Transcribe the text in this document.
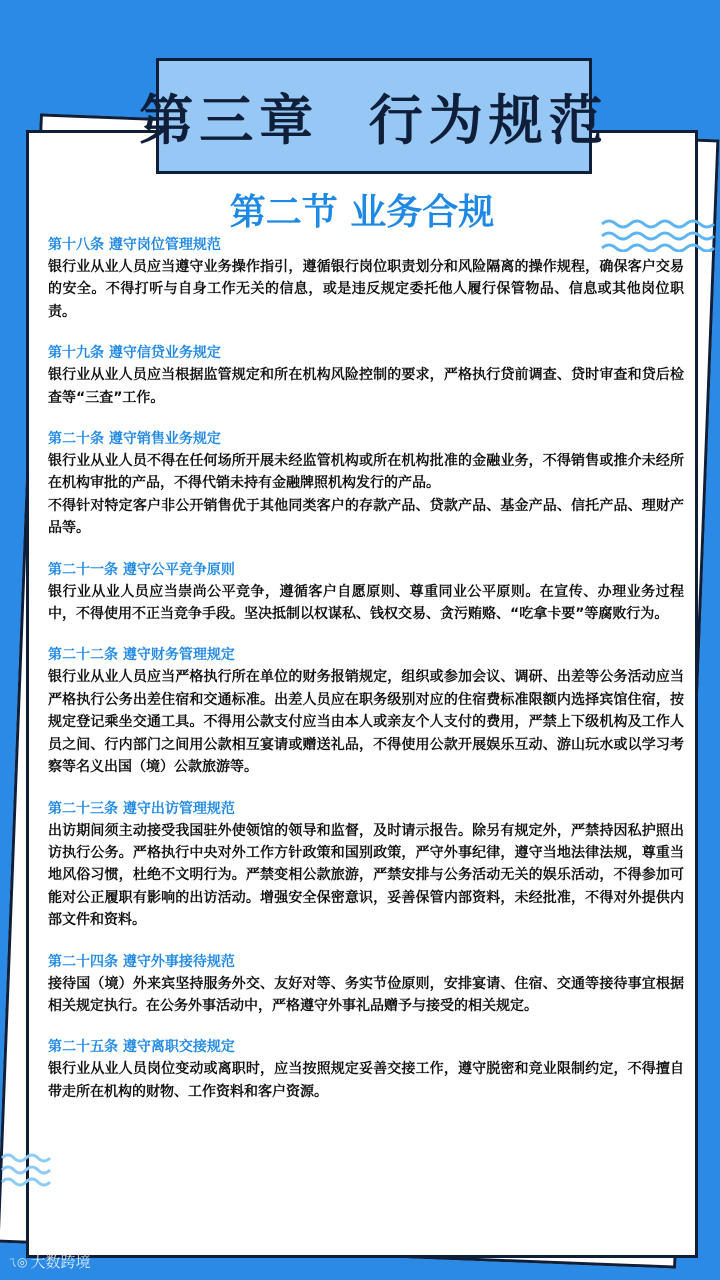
第三章  行为规范
第二节 业务合规
第十八条 遵守岗位管理规范

银行业从业人员应当遵守业务操作指引，遵循银行岗位职责划分和风险隔离的操作规程，确保客户交易的安全。不得打听与自身工作无关的信息，或是违反规定委托他人履行保管物品、信息或其他岗位职责。

第十九条 遵守信贷业务规定

银行业从业人员应当根据监管规定和所在机构风险控制的要求，严格执行贷前调查、贷时审查和贷后检查等“三查”工作。

第二十条 遵守销售业务规定

银行业从业人员不得在任何场所开展未经监管机构或所在机构批准的金融业务，不得销售或推介未经所在机构审批的产品，不得代销未持有金融牌照机构发行的产品。

不得针对特定客户非公开销售优于其他同类客户的存款产品、贷款产品、基金产品、信托产品、理财产品等。

第二十一条 遵守公平竞争原则

银行业从业人员应当崇尚公平竞争，遵循客户自愿原则、尊重同业公平原则。在宣传、办理业务过程中，不得使用不正当竞争手段。坚决抵制以权谋私、钱权交易、贪污贿赂、“吃拿卡要”等腐败行为。

第二十二条 遵守财务管理规定

银行业从业人员应当严格执行所在单位的财务报销规定，组织或参加会议、调研、出差等公务活动应当严格执行公务出差住宿和交通标准。出差人员应在职务级别对应的住宿费标准限额内选择宾馆住宿，按规定登记乘坐交通工具。不得用公款支付应当由本人或亲友个人支付的费用，严禁上下级机构及工作人员之间、行内部门之间用公款相互宴请或赠送礼品，不得使用公款开展娱乐互动、游山玩水或以学习考察等名义出国（境）公款旅游等。

第二十三条 遵守出访管理规范

出访期间须主动接受我国驻外使领馆的领导和监督，及时请示报告。除另有规定外，严禁持因私护照出访执行公务。严格执行中央对外工作方针政策和国别政策，严守外事纪律，遵守当地法律法规，尊重当地风俗习惯，杜绝不文明行为。严禁变相公款旅游，严禁安排与公务活动无关的娱乐活动，不得参加可能对公正履职有影响的出访活动。增强安全保密意识，妥善保管内部资料，未经批准，不得对外提供内部文件和资料。

第二十四条 遵守外事接待规范

接待国（境）外来宾坚持服务外交、友好对等、务实节俭原则，安排宴请、住宿、交通等接待事宜根据相关规定执行。在公务外事活动中，严格遵守外事礼品赠予与接受的相关规定。

第二十五条 遵守离职交接规定

银行业从业人员岗位变动或离职时，应当按照规定妥善交接工作，遵守脱密和竞业限制约定，不得擅自带走所在机构的财物、工作资料和客户资源。

ㄟ◎ 大数跨境
